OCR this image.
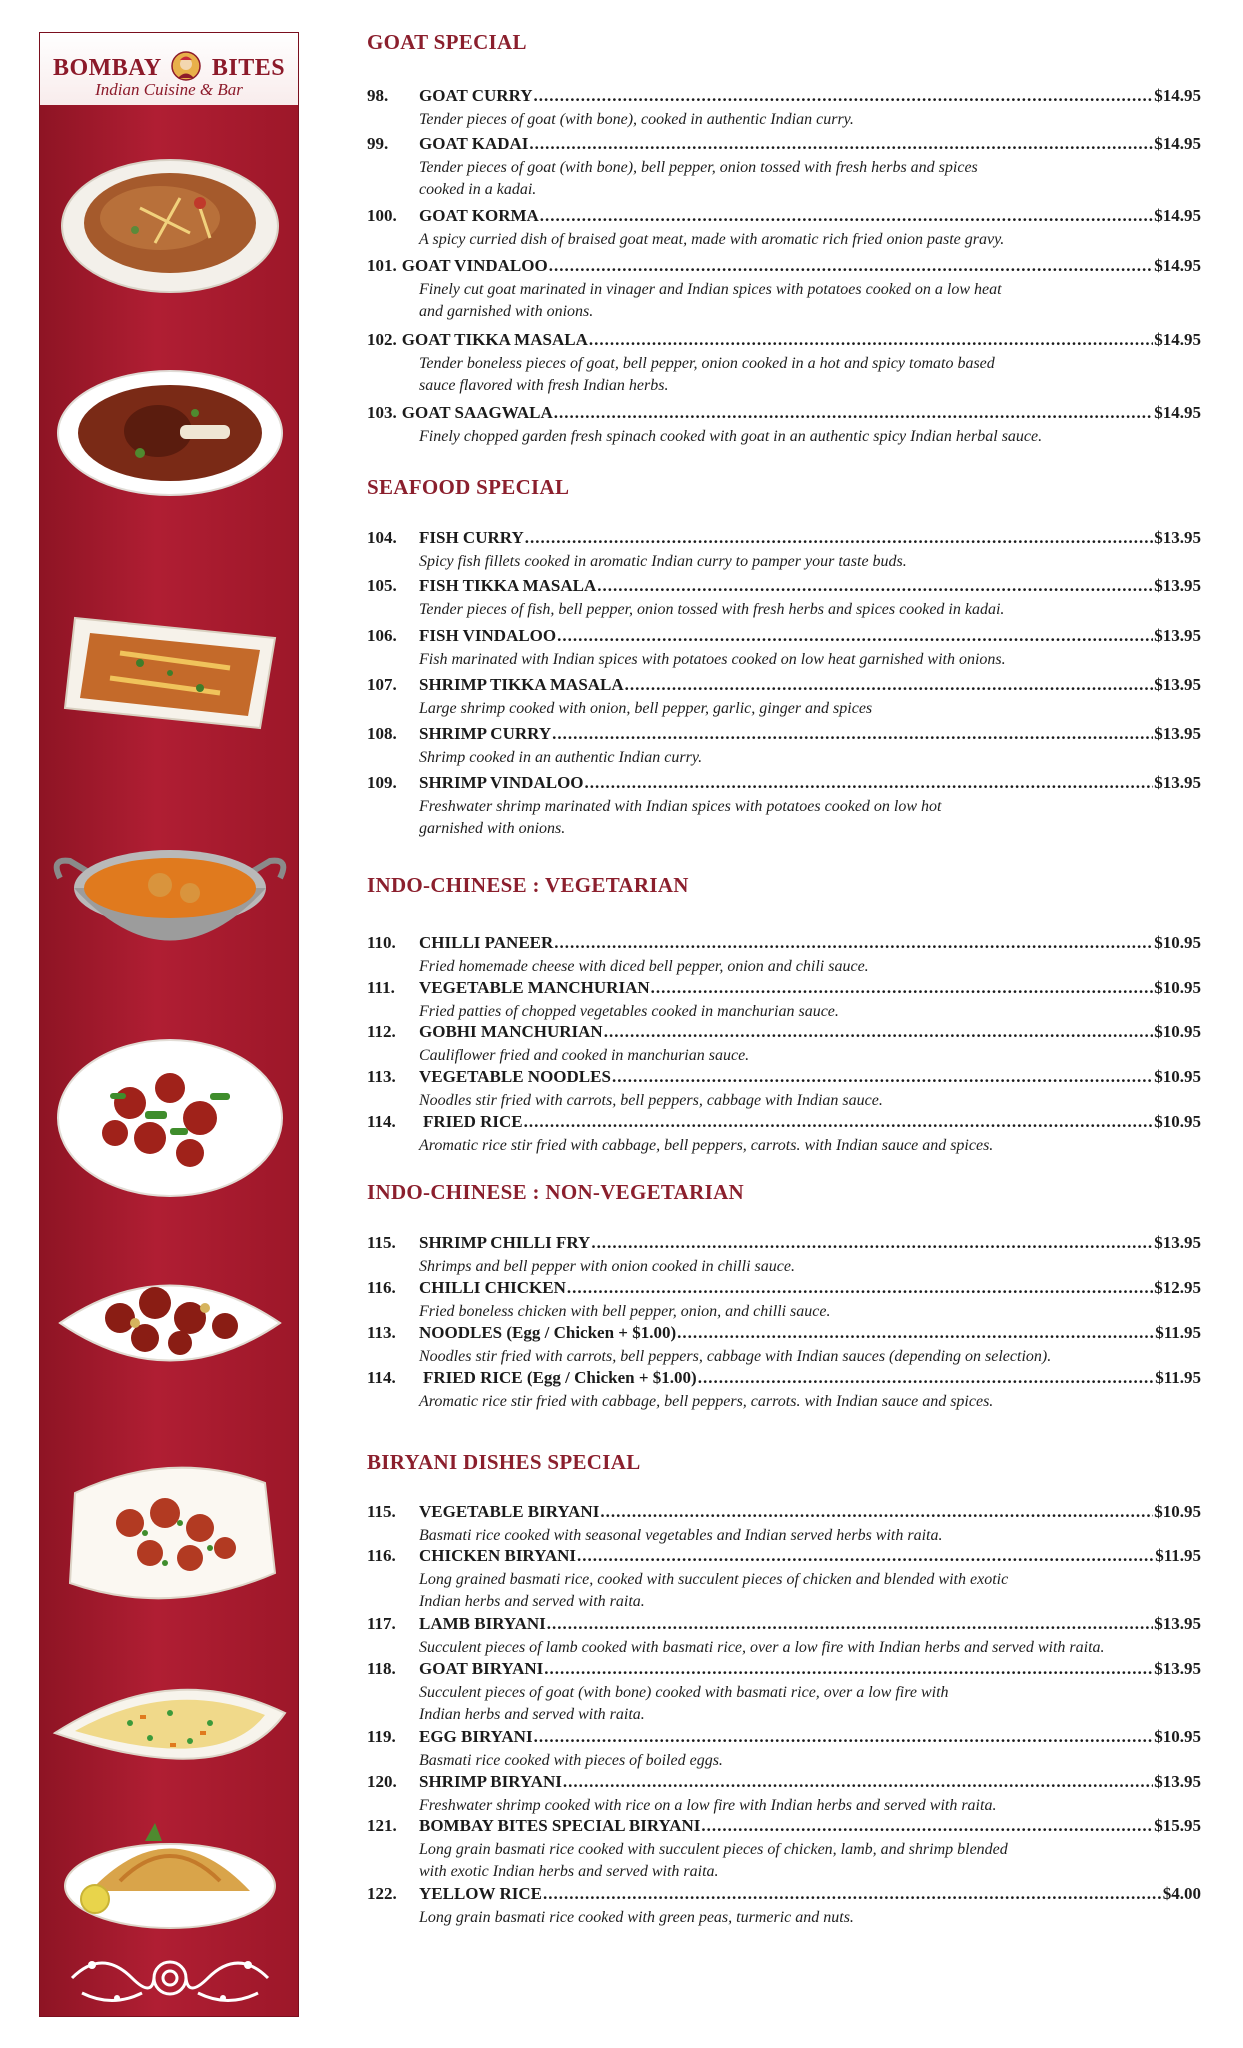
BOMBAY BITES
Indian Cuisine & Bar
GOAT SPECIAL
98.	GOAT CURRY .....	$14.95
Tender pieces of goat (with bone), cooked in authentic Indian curry.
99.	GOAT KADAI .....	$14.95
Tender pieces of goat (with bone), bell pepper, onion tossed with fresh herbs and spices
cooked in a kadai.
100.	GOAT KORMA .....	$14.95
A spicy curried dish of braised goat meat, made with aromatic rich fried onion paste gravy.
101. GOAT VINDALOO .....	$14.95
Finely cut goat marinated in vinager and Indian spices with potatoes cooked on a low heat
and garnished with onions.
102. GOAT TIKKA MASALA .....	$14.95
Tender boneless pieces of goat, bell pepper, onion cooked in a hot and spicy tomato based
sauce flavored with fresh Indian herbs.
103. GOAT SAAGWALA .....	$14.95
Finely chopped garden fresh spinach cooked with goat in an authentic spicy Indian herbal sauce.
SEAFOOD SPECIAL
104.	FISH CURRY .....	$13.95
Spicy fish fillets cooked in aromatic Indian curry to pamper your taste buds.
105.	FISH TIKKA MASALA .....	$13.95
Tender pieces of fish, bell pepper, onion tossed with fresh herbs and spices cooked in kadai.
106.	FISH VINDALOO .....	$13.95
Fish marinated with Indian spices with potatoes cooked on low heat garnished with onions.
107.	SHRIMP TIKKA MASALA .....	$13.95
Large shrimp cooked with onion, bell pepper, garlic, ginger and spices
108.	SHRIMP CURRY .....	$13.95
Shrimp cooked in an authentic Indian curry.
109.	SHRIMP VINDALOO .....	$13.95
Freshwater shrimp marinated with Indian spices with potatoes cooked on low hot
garnished with onions.
INDO-CHINESE : VEGETARIAN
110.	CHILLI PANEER .....	$10.95
Fried homemade cheese with diced bell pepper, onion and chili sauce.
111.	VEGETABLE MANCHURIAN .....	$10.95
Fried patties of chopped vegetables cooked in manchurian sauce.
112.	GOBHI MANCHURIAN .....	$10.95
Cauliflower fried and cooked in manchurian sauce.
113.	VEGETABLE NOODLES .....	$10.95
Noodles stir fried with carrots, bell peppers, cabbage with Indian sauce.
114.	FRIED RICE .....	$10.95
Aromatic rice stir fried with cabbage, bell peppers, carrots. with Indian sauce and spices.
INDO-CHINESE : NON-VEGETARIAN
115.	SHRIMP CHILLI FRY .....	$13.95
Shrimps and bell pepper with onion cooked in chilli sauce.
116.	CHILLI CHICKEN .....	$12.95
Fried boneless chicken with bell pepper, onion, and chilli sauce.
113.	NOODLES (Egg / Chicken + $1.00) .....	$11.95
Noodles stir fried with carrots, bell peppers, cabbage with Indian sauces (depending on selection).
114.	FRIED RICE (Egg / Chicken + $1.00) .....	$11.95
Aromatic rice stir fried with cabbage, bell peppers, carrots. with Indian sauce and spices.
BIRYANI DISHES SPECIAL
115.	VEGETABLE BIRYANI .....	$10.95
Basmati rice cooked with seasonal vegetables and Indian served herbs with raita.
116.	CHICKEN BIRYANI .....	$11.95
Long grained basmati rice, cooked with succulent pieces of chicken and blended with exotic
Indian herbs and served with raita.
117.	LAMB BIRYANI .....	$13.95
Succulent pieces of lamb cooked with basmati rice, over a low fire with Indian herbs and served with raita.
118.	GOAT BIRYANI .....	$13.95
Succulent pieces of goat (with bone) cooked with basmati rice, over a low fire with
Indian herbs and served with raita.
119.	EGG BIRYANI .....	$10.95
Basmati rice cooked with pieces of boiled eggs.
120.	SHRIMP BIRYANI .....	$13.95
Freshwater shrimp cooked with rice on a low fire with Indian herbs and served with raita.
121.	BOMBAY BITES SPECIAL BIRYANI .....	$15.95
Long grain basmati rice cooked with succulent pieces of chicken, lamb, and shrimp blended
with exotic Indian herbs and served with raita.
122.	YELLOW RICE .....	$4.00
Long grain basmati rice cooked with green peas, turmeric and nuts.
